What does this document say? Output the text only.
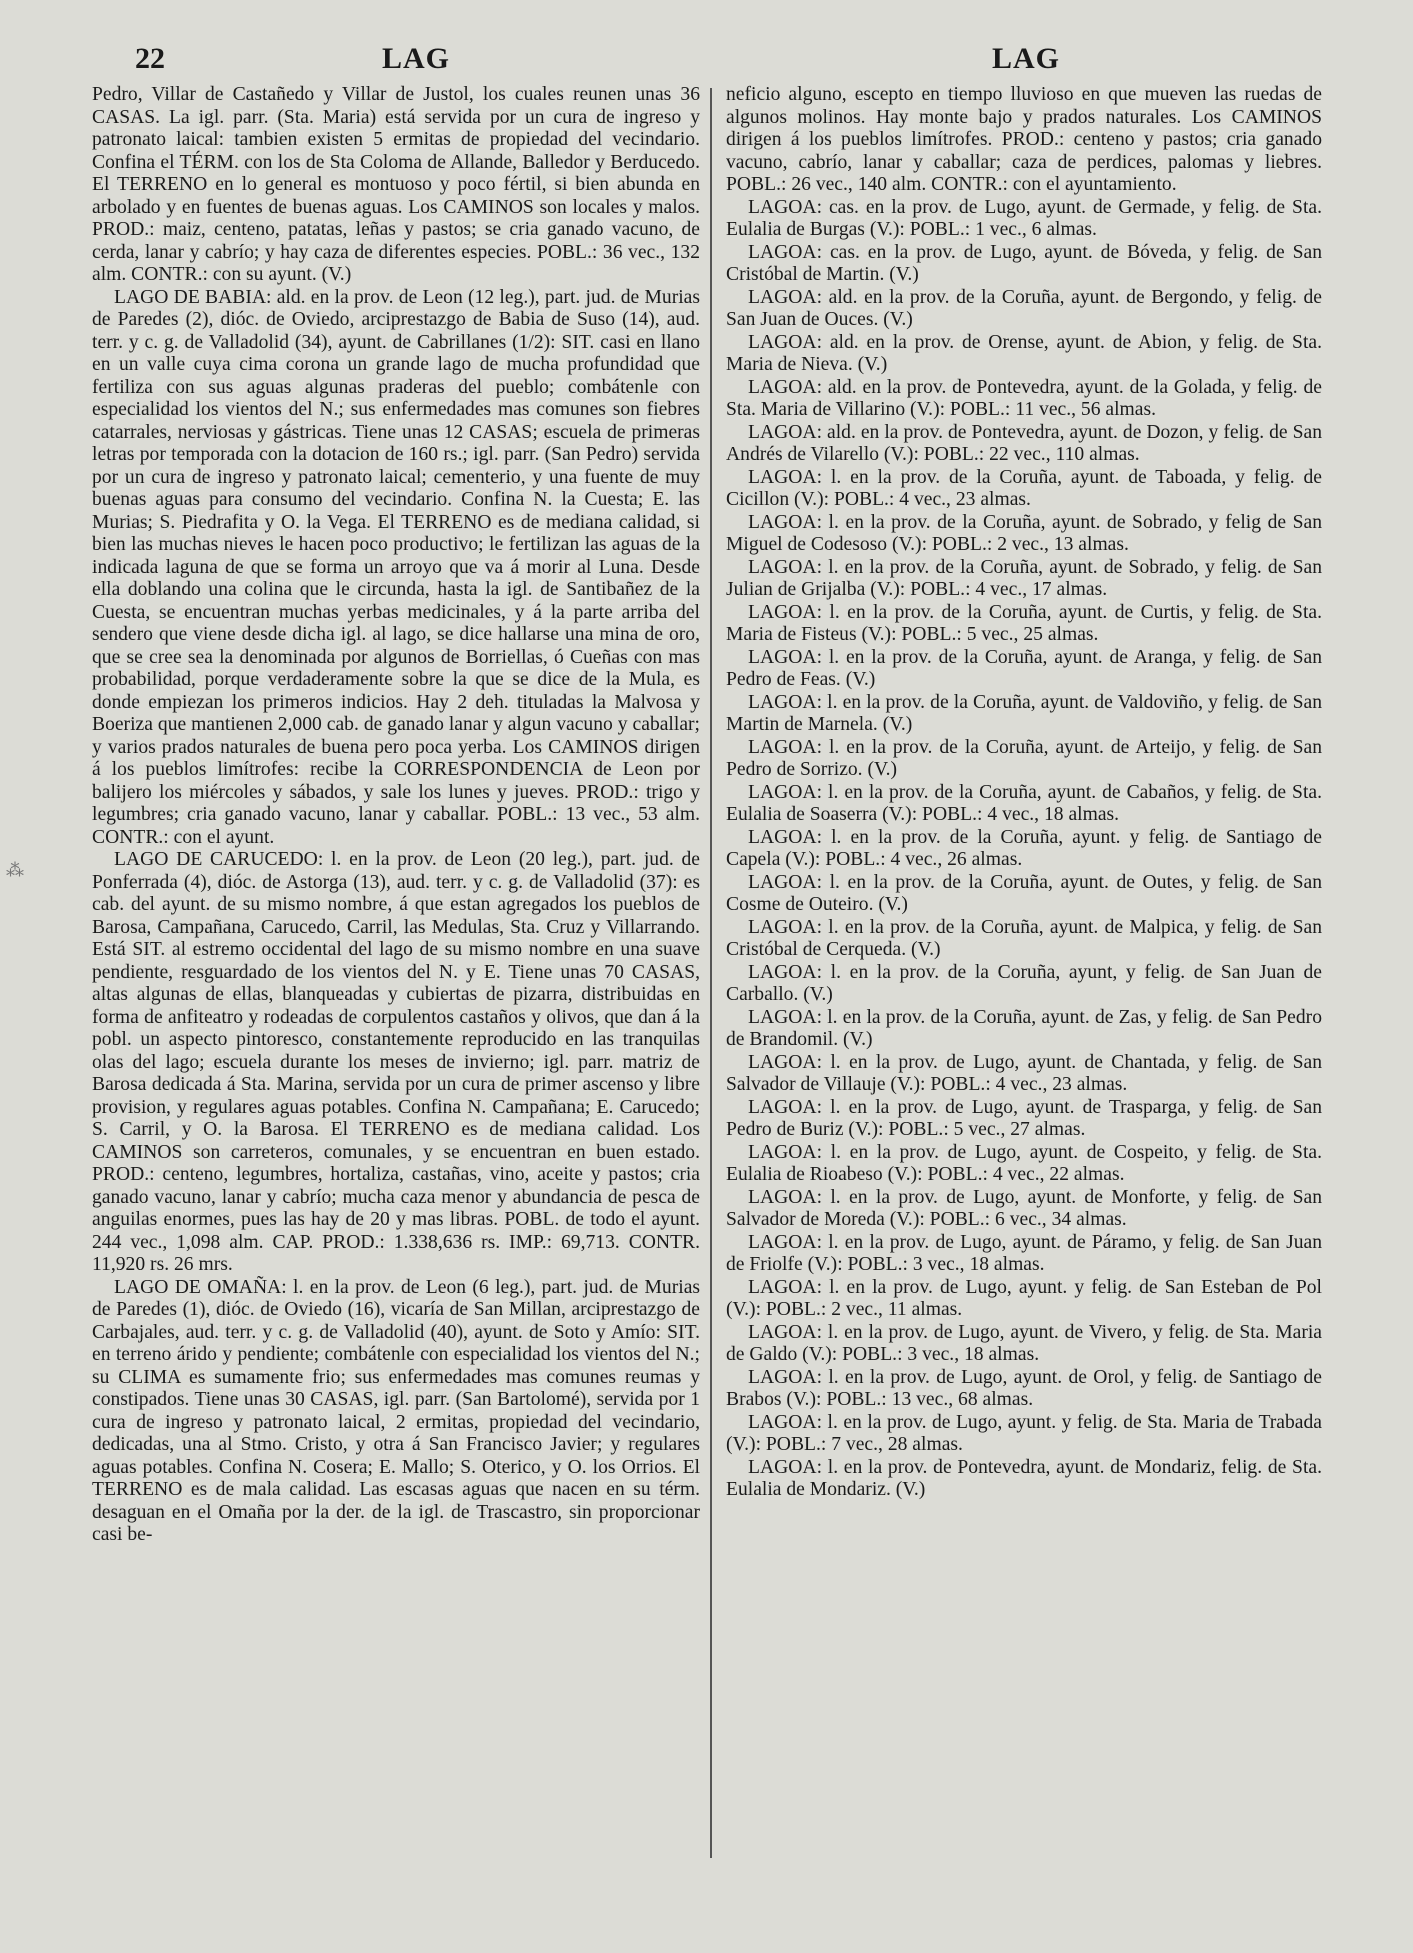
22	LAG	LAG

Pedro, Villar de Castañedo y Villar de Justol, los cuales reunen unas 36 CASAS. La igl. parr. (Sta. Maria) está servida por un cura de ingreso y patronato laical: tambien existen 5 ermitas de propiedad del vecindario. Confina el TÉRM. con los de Sta Coloma de Allande, Balledor y Berducedo. El TERRENO en lo general es montuoso y poco fértil, si bien abunda en arbolado y en fuentes de buenas aguas. Los CAMINOS son locales y malos. PROD.: maiz, centeno, patatas, leñas y pastos; se cria ganado vacuno, de cerda, lanar y cabrío; y hay caza de diferentes especies. POBL.: 36 vec., 132 alm. CONTR.: con su ayunt. (V.)

LAGO DE BABIA: ald. en la prov. de Leon (12 leg.), part. jud. de Murias de Paredes (2), dióc. de Oviedo, arciprestazgo de Babia de Suso (14), aud. terr. y c. g. de Valladolid (34), ayunt. de Cabrillanes (1/2): SIT. casi en llano en un valle cuya cima corona un grande lago de mucha profundidad que fertiliza con sus aguas algunas praderas del pueblo; combátenle con especialidad los vientos del N.; sus enfermedades mas comunes son fiebres catarrales, nerviosas y gástricas. Tiene unas 12 CASAS; escuela de primeras letras por temporada con la dotacion de 160 rs.; igl. parr. (San Pedro) servida por un cura de ingreso y patronato laical; cementerio, y una fuente de muy buenas aguas para consumo del vecindario. Confina N. la Cuesta; E. las Murias; S. Piedrafita y O. la Vega. El TERRENO es de mediana calidad, si bien las muchas nieves le hacen poco productivo; le fertilizan las aguas de la indicada laguna de que se forma un arroyo que va á morir al Luna. Desde ella doblando una colina que le circunda, hasta la igl. de Santibañez de la Cuesta, se encuentran muchas yerbas medicinales, y á la parte arriba del sendero que viene desde dicha igl. al lago, se dice hallarse una mina de oro, que se cree sea la denominada por algunos de Borriellas, ó Cueñas con mas probabilidad, porque verdaderamente sobre la que se dice de la Mula, es donde empiezan los primeros indicios. Hay 2 deh. tituladas la Malvosa y Boeriza que mantienen 2,000 cab. de ganado lanar y algun vacuno y caballar; y varios prados naturales de buena pero poca yerba. Los CAMINOS dirigen á los pueblos limítrofes: recibe la CORRESPONDENCIA de Leon por balijero los miércoles y sábados, y sale los lunes y jueves. PROD.: trigo y legumbres; cria ganado vacuno, lanar y caballar. POBL.: 13 vec., 53 alm. CONTR.: con el ayunt.

LAGO DE CARUCEDO: l. en la prov. de Leon (20 leg.), part. jud. de Ponferrada (4), dióc. de Astorga (13), aud. terr. y c. g. de Valladolid (37): es cab. del ayunt. de su mismo nombre, á que estan agregados los pueblos de Barosa, Campañana, Carucedo, Carril, las Medulas, Sta. Cruz y Villarrando. Está SIT. al estremo occidental del lago de su mismo nombre en una suave pendiente, resguardado de los vientos del N. y E. Tiene unas 70 CASAS, altas algunas de ellas, blanqueadas y cubiertas de pizarra, distribuidas en forma de anfiteatro y rodeadas de corpulentos castaños y olivos, que dan á la pobl. un aspecto pintoresco, constantemente reproducido en las tranquilas olas del lago; escuela durante los meses de invierno; igl. parr. matriz de Barosa dedicada á Sta. Marina, servida por un cura de primer ascenso y libre provision, y regulares aguas potables. Confina N. Campañana; E. Carucedo; S. Carril, y O. la Barosa. El TERRENO es de mediana calidad. Los CAMINOS son carreteros, comunales, y se encuentran en buen estado. PROD.: centeno, legumbres, hortaliza, castañas, vino, aceite y pastos; cria ganado vacuno, lanar y cabrío; mucha caza menor y abundancia de pesca de anguilas enormes, pues las hay de 20 y mas libras. POBL. de todo el ayunt. 244 vec., 1,098 alm. CAP. PROD.: 1.338,636 rs. IMP.: 69,713. CONTR. 11,920 rs. 26 mrs.

LAGO DE OMAÑA: l. en la prov. de Leon (6 leg.), part. jud. de Murias de Paredes (1), dióc. de Oviedo (16), vicaría de San Millan, arciprestazgo de Carbajales, aud. terr. y c. g. de Valladolid (40), ayunt. de Soto y Amío: SIT. en terreno árido y pendiente; combátenle con especialidad los vientos del N.; su CLIMA es sumamente frio; sus enfermedades mas comunes reumas y constipados. Tiene unas 30 CASAS, igl. parr. (San Bartolomé), servida por 1 cura de ingreso y patronato laical, 2 ermitas, propiedad del vecindario, dedicadas, una al Stmo. Cristo, y otra á San Francisco Javier; y regulares aguas potables. Confina N. Cosera; E. Mallo; S. Oterico, y O. los Orrios. El TERRENO es de mala calidad. Las escasas aguas que nacen en su térm. desaguan en el Omaña por la der. de la igl. de Trascastro, sin proporcionar casi be-

neficio alguno, escepto en tiempo lluvioso en que mueven las ruedas de algunos molinos. Hay monte bajo y prados naturales. Los CAMINOS dirigen á los pueblos limítrofes. PROD.: centeno y pastos; cria ganado vacuno, cabrío, lanar y caballar; caza de perdices, palomas y liebres. POBL.: 26 vec., 140 alm. CONTR.: con el ayuntamiento.

LAGOA: cas. en la prov. de Lugo, ayunt. de Germade, y felig. de Sta. Eulalia de Burgas (V.): POBL.: 1 vec., 6 almas.

LAGOA: cas. en la prov. de Lugo, ayunt. de Bóveda, y felig. de San Cristóbal de Martin. (V.)

LAGOA: ald. en la prov. de la Coruña, ayunt. de Bergondo, y felig. de San Juan de Ouces. (V.)

LAGOA: ald. en la prov. de Orense, ayunt. de Abion, y felig. de Sta. Maria de Nieva. (V.)

LAGOA: ald. en la prov. de Pontevedra, ayunt. de la Golada, y felig. de Sta. Maria de Villarino (V.): POBL.: 11 vec., 56 almas.

LAGOA: ald. en la prov. de Pontevedra, ayunt. de Dozon, y felig. de San Andrés de Vilarello (V.): POBL.: 22 vec., 110 almas.

LAGOA: l. en la prov. de la Coruña, ayunt. de Taboada, y felig. de Cicillon (V.): POBL.: 4 vec., 23 almas.

LAGOA: l. en la prov. de la Coruña, ayunt. de Sobrado, y felig de San Miguel de Codesoso (V.): POBL.: 2 vec., 13 almas.

LAGOA: l. en la prov. de la Coruña, ayunt. de Sobrado, y felig. de San Julian de Grijalba (V.): POBL.: 4 vec., 17 almas.

LAGOA: l. en la prov. de la Coruña, ayunt. de Curtis, y felig. de Sta. Maria de Fisteus (V.): POBL.: 5 vec., 25 almas.

LAGOA: l. en la prov. de la Coruña, ayunt. de Aranga, y felig. de San Pedro de Feas. (V.)

LAGOA: l. en la prov. de la Coruña, ayunt. de Valdoviño, y felig. de San Martin de Marnela. (V.)

LAGOA: l. en la prov. de la Coruña, ayunt. de Arteijo, y felig. de San Pedro de Sorrizo. (V.)

LAGOA: l. en la prov. de la Coruña, ayunt. de Cabaños, y felig. de Sta. Eulalia de Soaserra (V.): POBL.: 4 vec., 18 almas.

LAGOA: l. en la prov. de la Coruña, ayunt. y felig. de Santiago de Capela (V.): POBL.: 4 vec., 26 almas.

LAGOA: l. en la prov. de la Coruña, ayunt. de Outes, y felig. de San Cosme de Outeiro. (V.)

LAGOA: l. en la prov. de la Coruña, ayunt. de Malpica, y felig. de San Cristóbal de Cerqueda. (V.)

LAGOA: l. en la prov. de la Coruña, ayunt, y felig. de San Juan de Carballo. (V.)

LAGOA: l. en la prov. de la Coruña, ayunt. de Zas, y felig. de San Pedro de Brandomil. (V.)

LAGOA: l. en la prov. de Lugo, ayunt. de Chantada, y felig. de San Salvador de Villauje (V.): POBL.: 4 vec., 23 almas.

LAGOA: l. en la prov. de Lugo, ayunt. de Trasparga, y felig. de San Pedro de Buriz (V.): POBL.: 5 vec., 27 almas.

LAGOA: l. en la prov. de Lugo, ayunt. de Cospeito, y felig. de Sta. Eulalia de Rioabeso (V.): POBL.: 4 vec., 22 almas.

LAGOA: l. en la prov. de Lugo, ayunt. de Monforte, y felig. de San Salvador de Moreda (V.): POBL.: 6 vec., 34 almas.

LAGOA: l. en la prov. de Lugo, ayunt. de Páramo, y felig. de San Juan de Friolfe (V.): POBL.: 3 vec., 18 almas.

LAGOA: l. en la prov. de Lugo, ayunt. y felig. de San Esteban de Pol (V.): POBL.: 2 vec., 11 almas.

LAGOA: l. en la prov. de Lugo, ayunt. de Vivero, y felig. de Sta. Maria de Galdo (V.): POBL.: 3 vec., 18 almas.

LAGOA: l. en la prov. de Lugo, ayunt. de Orol, y felig. de Santiago de Brabos (V.): POBL.: 13 vec., 68 almas.

LAGOA: l. en la prov. de Lugo, ayunt. y felig. de Sta. Maria de Trabada (V.): POBL.: 7 vec., 28 almas.

LAGOA: l. en la prov. de Pontevedra, ayunt. de Mondariz, felig. de Sta. Eulalia de Mondariz. (V.)

⁂
